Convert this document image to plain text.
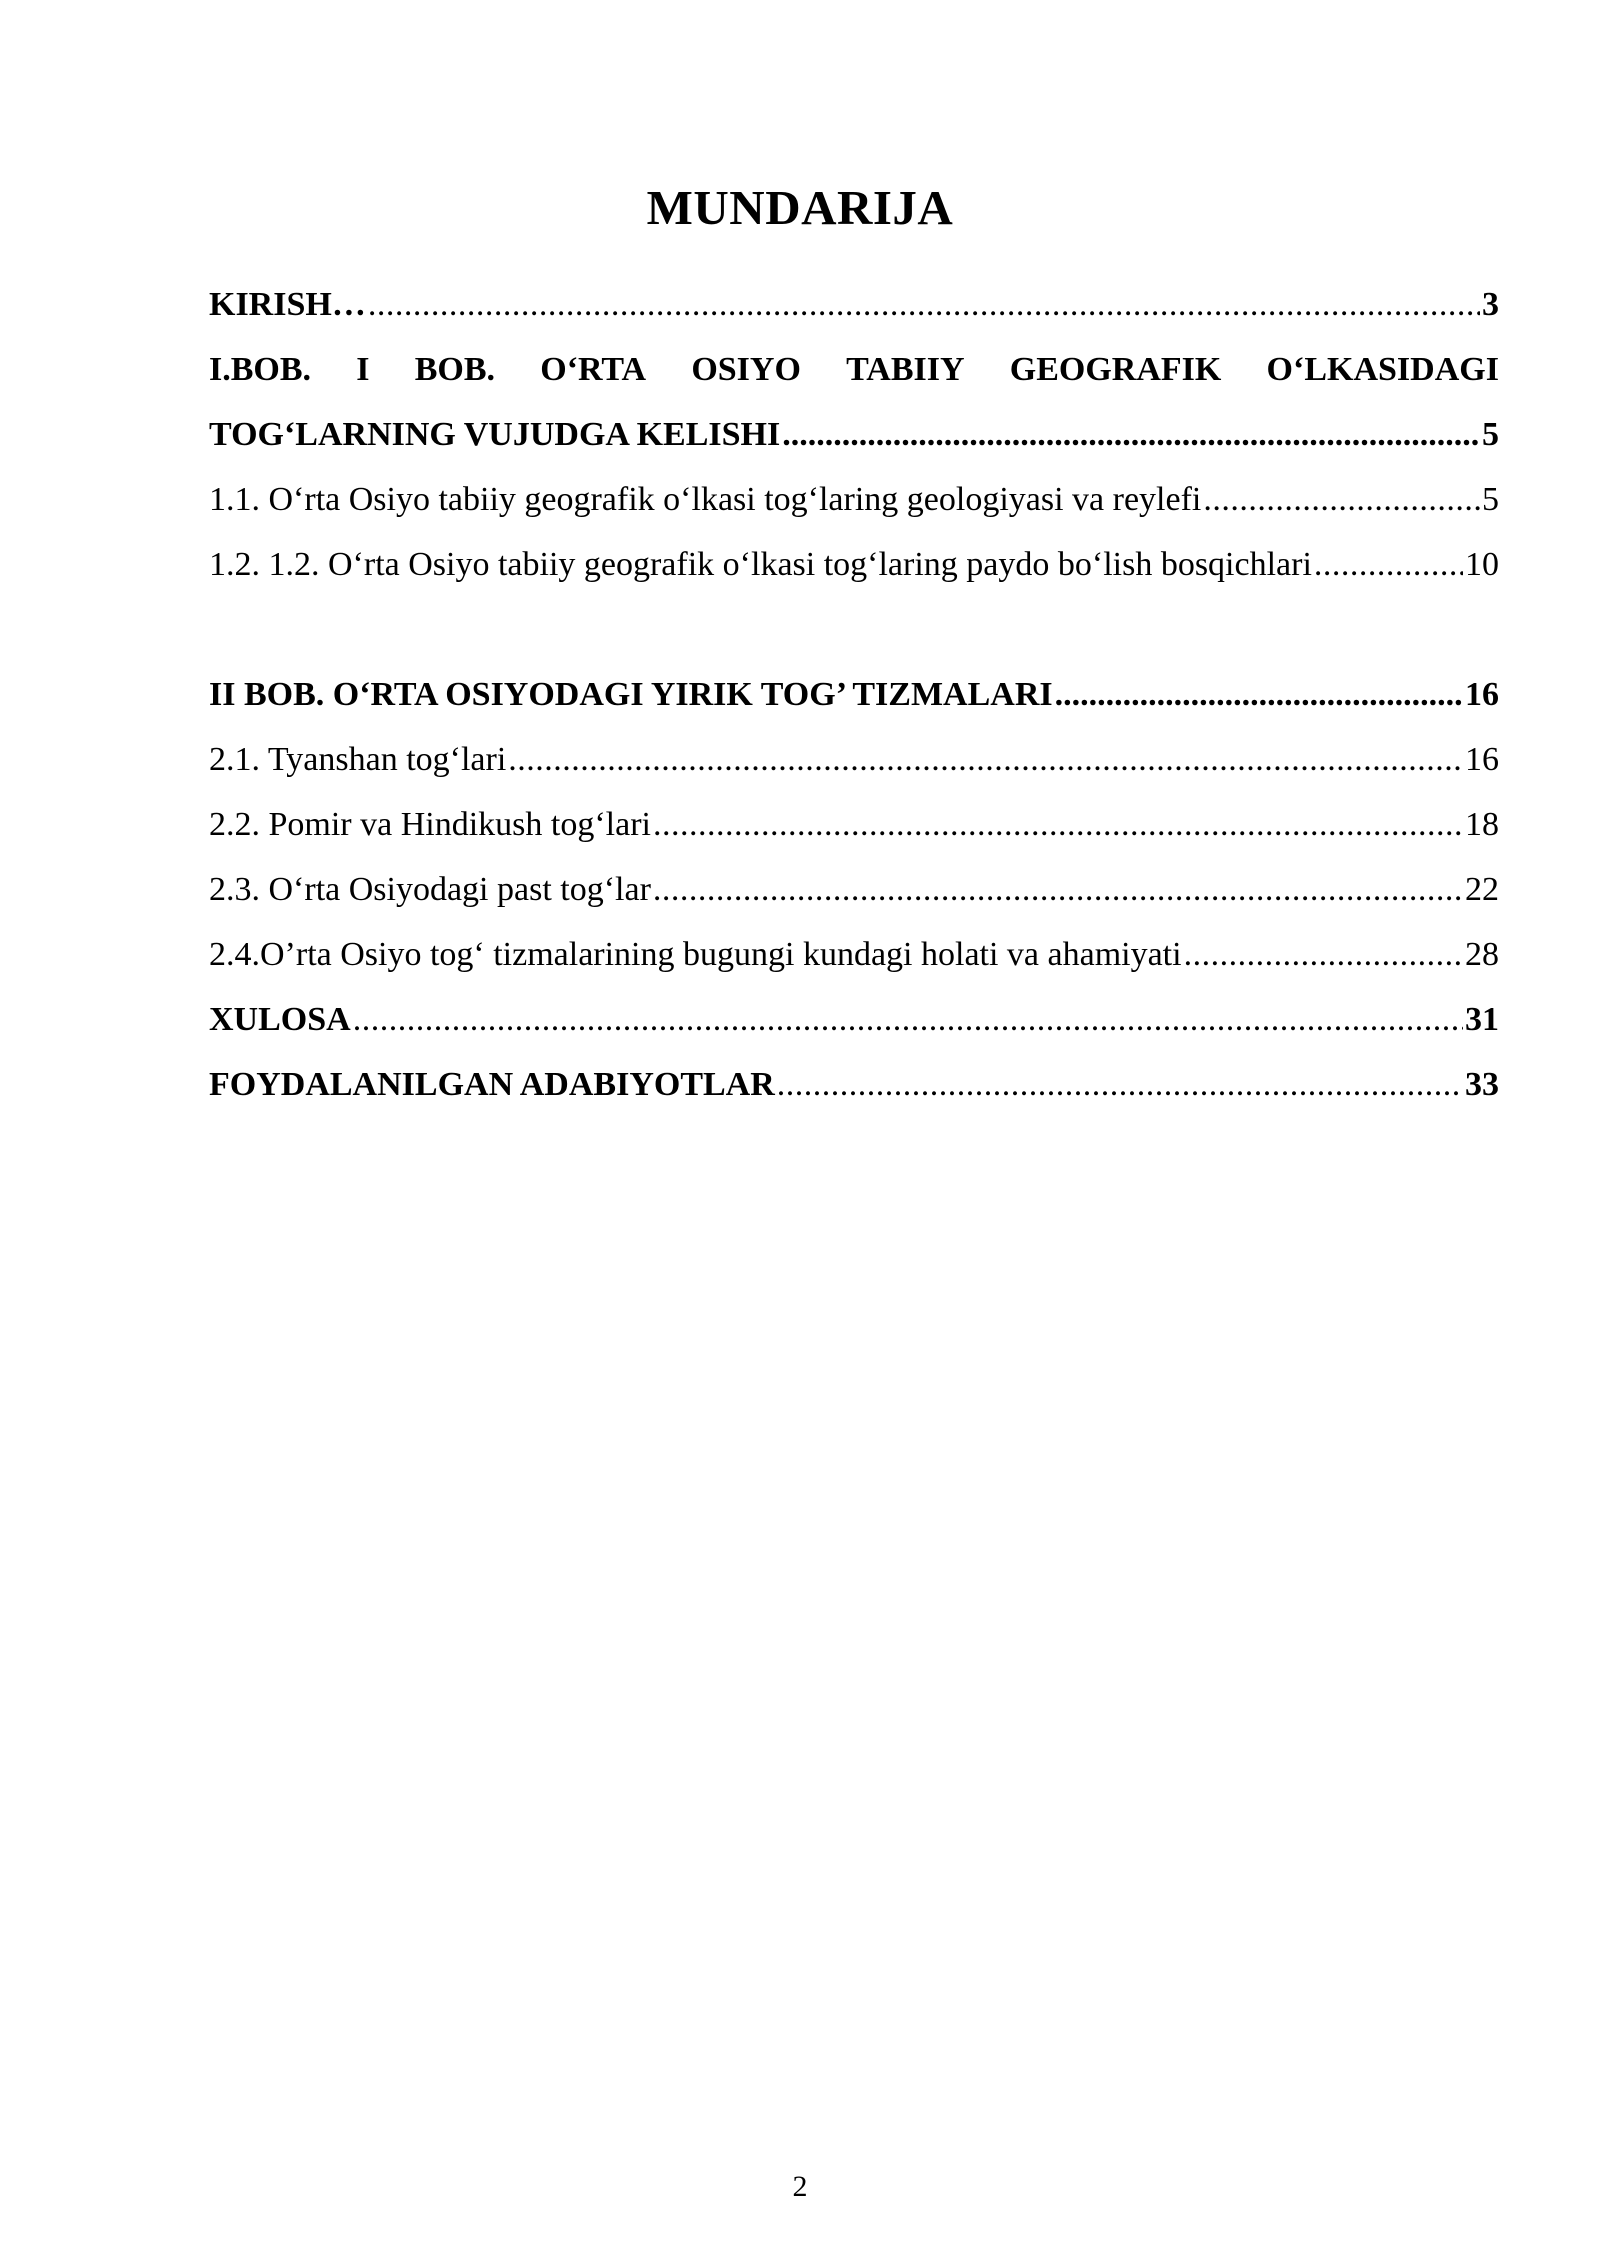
MUNDARIJA
KIRISH… .....	3
I.BOB. I BOB. O‘RTA OSIYO TABIIY GEOGRAFIK O‘LKASIDAGI
TOG‘LARNING VUJUDGA KELISHI .....	5
1.1. O‘rta Osiyo tabiiy geografik o‘lkasi tog‘laring geologiyasi va reylefi .....	5
1.2. 1.2. O‘rta Osiyo tabiiy geografik o‘lkasi tog‘laring paydo bo‘lish bosqichlari .....	10
II BOB. O‘RTA OSIYODAGI YIRIK TOG’ TIZMALARI .....	16
2.1. Tyanshan tog‘lari .....	16
2.2. Pomir va Hindikush tog‘lari .....	18
2.3. O‘rta Osiyodagi past tog‘lar .....	22
2.4.O’rta Osiyo tog‘ tizmalarining bugungi kundagi holati va ahamiyati .....	28
XULOSA .....	31
FOYDALANILGAN ADABIYOTLAR .....	33
2
